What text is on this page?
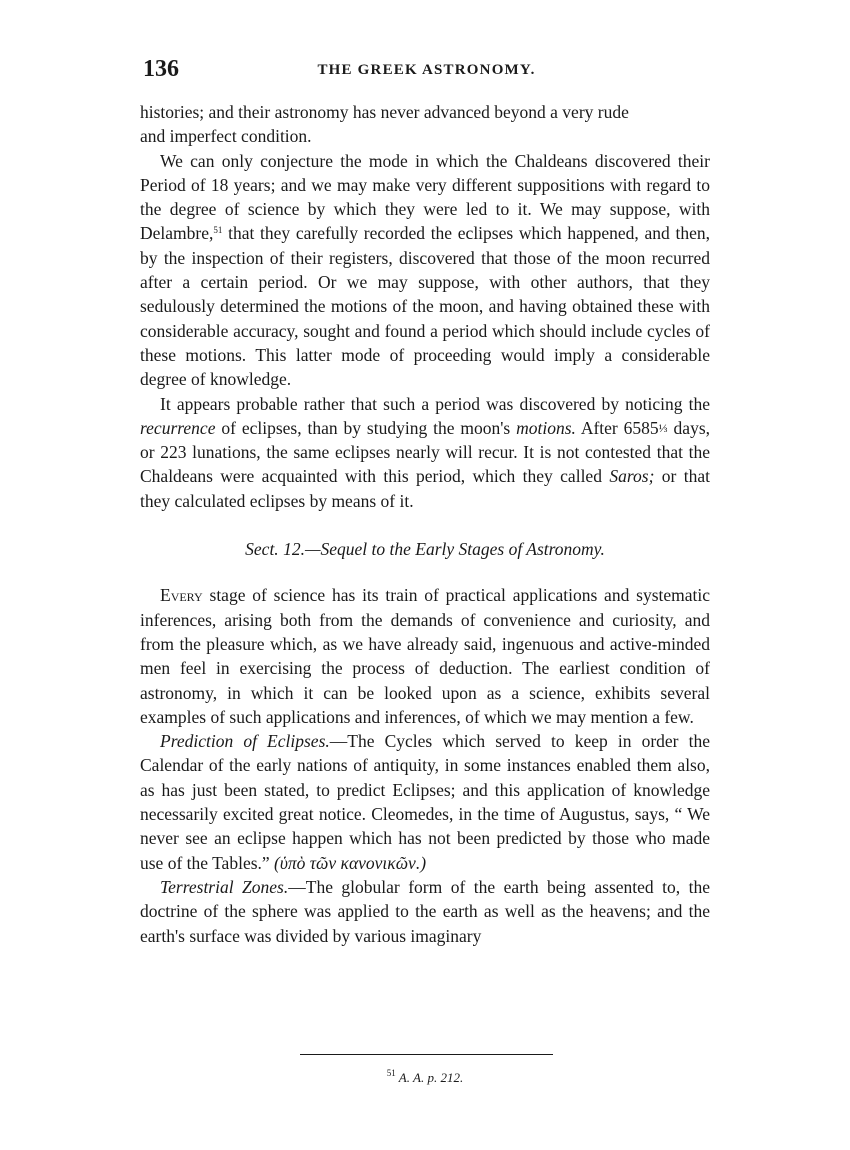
136	THE GREEK ASTRONOMY.

histories; and their astronomy has never advanced beyond a very rude
and imperfect condition.

We can only conjecture the mode in which the Chaldeans discovered their Period of 18 years; and we may make very different suppositions with regard to the degree of science by which they were led to it. We may suppose, with Delambre,$^{51}$ that they carefully recorded the eclipses which happened, and then, by the inspection of their registers, discovered that those of the moon recurred after a certain period. Or we may suppose, with other authors, that they sedulously determined the motions of the moon, and having obtained these with considerable accuracy, sought and found a period which should include cycles of these motions. This latter mode of proceeding would imply a considerable degree of knowledge.

It appears probable rather that such a period was discovered by noticing the recurrence of eclipses, than by studying the moon's motions. After 6585⅓ days, or 223 lunations, the same eclipses nearly will recur. It is not contested that the Chaldeans were acquainted with this period, which they called Saros; or that they calculated eclipses by means of it.

Sect. 12.—Sequel to the Early Stages of Astronomy.

Every stage of science has its train of practical applications and systematic inferences, arising both from the demands of convenience and curiosity, and from the pleasure which, as we have already said, ingenuous and active-minded men feel in exercising the process of deduction. The earliest condition of astronomy, in which it can be looked upon as a science, exhibits several examples of such applications and inferences, of which we may mention a few.

Prediction of Eclipses.—The Cycles which served to keep in order the Calendar of the early nations of antiquity, in some instances enabled them also, as has just been stated, to predict Eclipses; and this application of knowledge necessarily excited great notice. Cleomedes, in the time of Augustus, says, “ We never see an eclipse happen which has not been predicted by those who made use of the Tables.” (ὑπὸ τῶν κανονικῶν.)

Terrestrial Zones.—The globular form of the earth being assented to, the doctrine of the sphere was applied to the earth as well as the heavens; and the earth's surface was divided by various imaginary

$^{51}$ A. A. p. 212.
